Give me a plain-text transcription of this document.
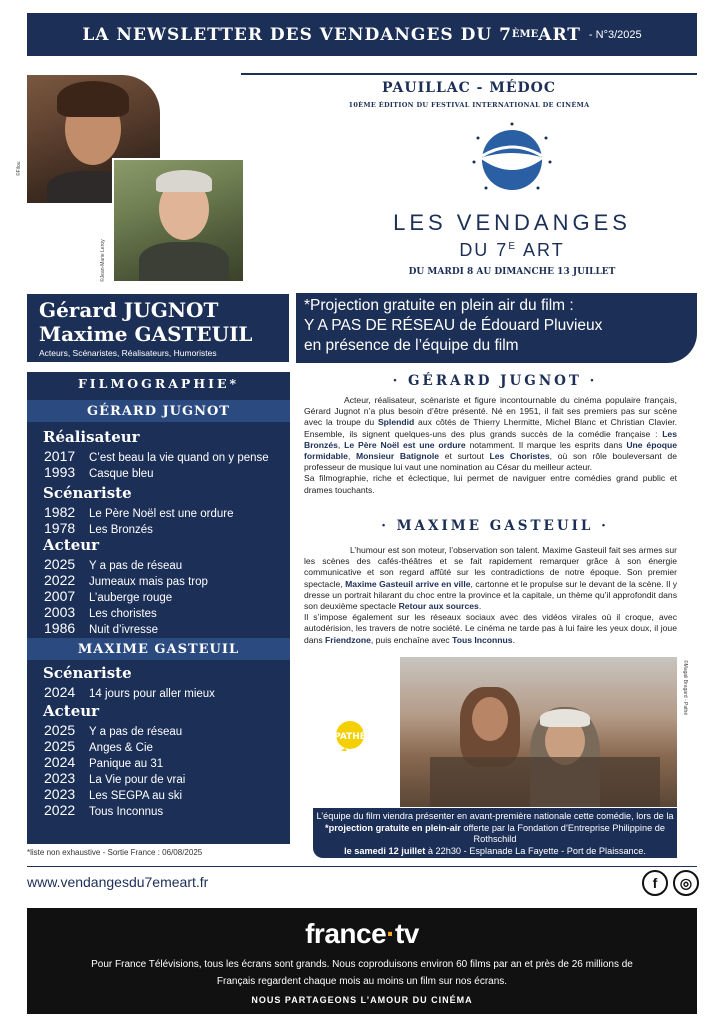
LA NEWSLETTER DES VENDANGES DU 7 ÈME ART - N°3/2025
©Filou
©Jean-Marie Leroy
PAUILLAC - MÉDOC
10ÈME ÉDITION DU FESTIVAL INTERNATIONAL DE CINÉMA
LES VENDANGES
DU $7^E$ ART
DU MARDI 8 AU DIMANCHE 13 JUILLET
Gérard JUGNOT
Maxime GASTEUIL
Acteurs, Scénaristes, Réalisateurs, Humoristes
*Projection gratuite en plein air du film :
Y A PAS DE RÉSEAU de Édouard Pluvieux
en présence de l’équipe du film
FILMOGRAPHIE*
GÉRARD JUGNOT
Réalisateur
2017	C’est beau la vie quand on y pense
1993	Casque bleu
Scénariste
1982	Le Père Noël est une ordure
1978	Les Bronzés
Acteur
2025	Y a pas de réseau
2022	Jumeaux mais pas trop
2007	L’auberge rouge
2003	Les choristes
1986	Nuit d’ivresse
MAXIME GASTEUIL
Scénariste
2024	14 jours pour aller mieux
Acteur
2025	Y a pas de réseau
2025	Anges & Cie
2024	Panique au 31
2023	La Vie pour de vrai
2023	Les SEGPA au ski
2022	Tous Inconnus
*liste non exhaustive - Sortie France : 06/08/2025
· GÉRARD JUGNOT ·

Acteur, réalisateur, scénariste et figure incontournable du cinéma populaire français, Gérard Jugnot n’a plus besoin d’être présenté. Né en 1951, il fait ses premiers pas sur scène avec la troupe du Splendid aux côtés de Thierry Lhermitte, Michel Blanc et Christian Clavier. Ensemble, ils signent quelques-uns des plus grands succès de la comédie française : Les Bronzés, Le Père Noël est une ordure notamment. Il marque les esprits dans Une époque formidable, Monsieur Batignole et surtout Les Choristes, où son rôle bouleversant de professeur de musique lui vaut une nomination au César du meilleur acteur.

Sa filmographie, riche et éclectique, lui permet de naviguer entre comédies grand public et drames touchants.

· MAXIME GASTEUIL ·

L’humour est son moteur, l’observation son talent. Maxime Gasteuil fait ses armes sur les scènes des cafés-théâtres et se fait rapidement remarquer grâce à son énergie communicative et son regard affûté sur les contradictions de notre époque. Son premier spectacle, Maxime Gasteuil arrive en ville, cartonne et le propulse sur le devant de la scène. Il y dresse un portrait hilarant du choc entre la province et la capitale, un thème qu’il approfondit dans son deuxième spectacle Retour aux sources.

Il s’impose également sur les réseaux sociaux avec des vidéos virales où il croque, avec autodérision, les travers de notre société. Le cinéma ne tarde pas à lui faire les yeux doux, il joue dans Friendzone, puis enchaîne avec Tous Inconnus.

PATHÉ
©Magali Bragard - Pathé
L’équipe du film viendra présenter en avant-première nationale cette comédie, lors de la *projection gratuite en plein-air offerte par la Fondation d’Entreprise Philippine de Rothschild
le samedi 12 juillet à 22h30 - Esplanade La Fayette - Port de Plaissance.
www.vendangesdu7emeart.fr	f	◎
france·tv
Pour France Télévisions, tous les écrans sont grands. Nous coproduisons environ 60 films par an et près de 26 millions de Français regardent chaque mois au moins un film sur nos écrans.
NOUS PARTAGEONS L’AMOUR DU CINÉMA
